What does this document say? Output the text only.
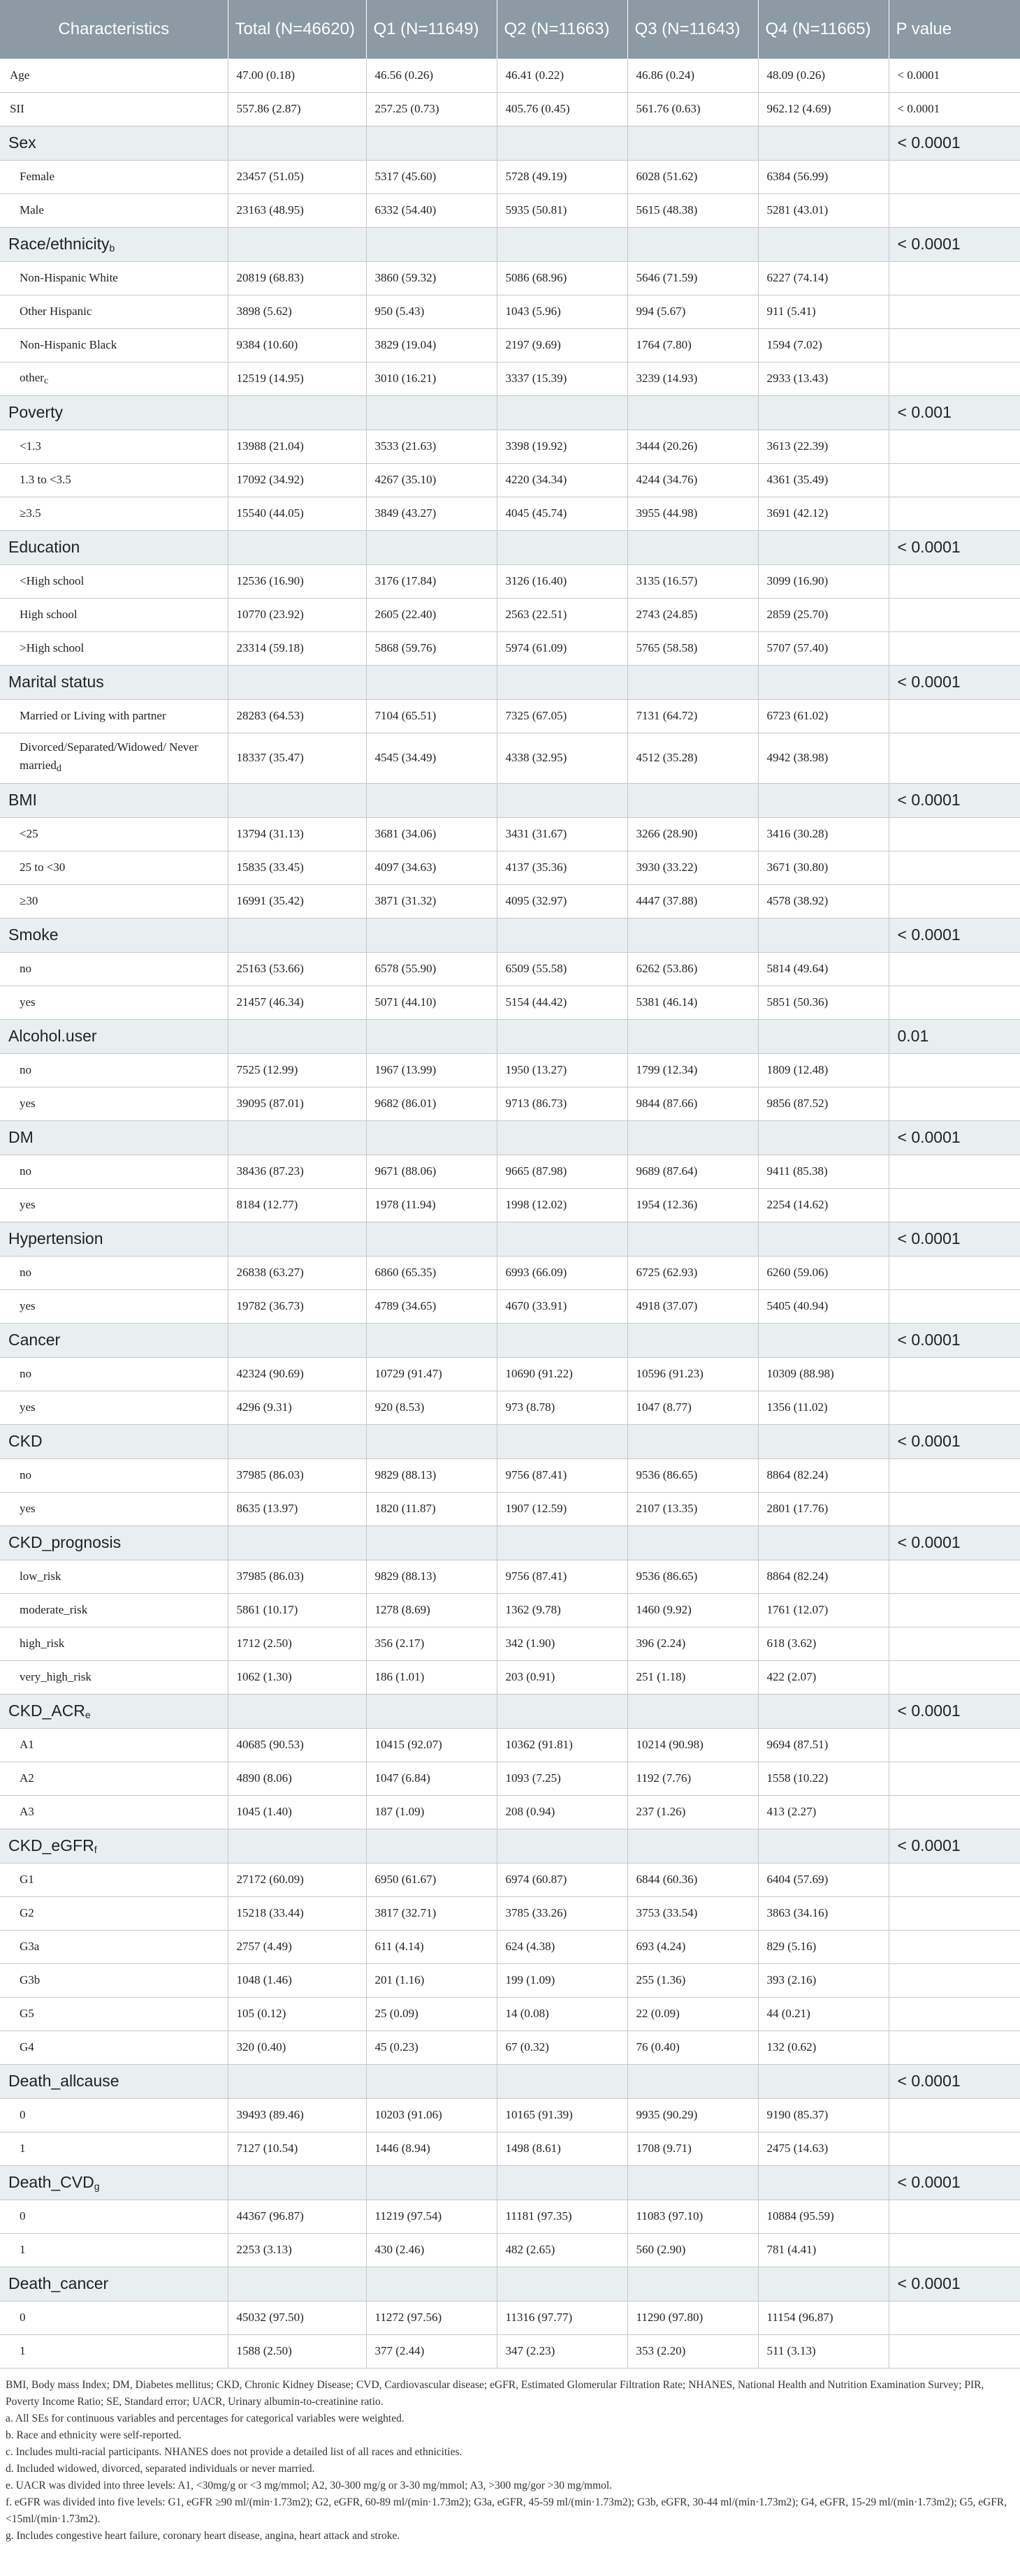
Characteristics	Total (N=46620)	Q1 (N=11649)	Q2 (N=11663)	Q3 (N=11643)	Q4 (N=11665)	P value
Age	47.00 (0.18)	46.56 (0.26)	46.41 (0.22)	46.86 (0.24)	48.09 (0.26)	< 0.0001
SII	557.86 (2.87)	257.25 (0.73)	405.76 (0.45)	561.76 (0.63)	962.12 (4.69)	< 0.0001
Sex						< 0.0001
Female	23457 (51.05)	5317 (45.60)	5728 (49.19)	6028 (51.62)	6384 (56.99)	
Male	23163 (48.95)	6332 (54.40)	5935 (50.81)	5615 (48.38)	5281 (43.01)	
Race/ethnicity$_b$						< 0.0001
Non-Hispanic White	20819 (68.83)	3860 (59.32)	5086 (68.96)	5646 (71.59)	6227 (74.14)	
Other Hispanic	3898 (5.62)	950 (5.43)	1043 (5.96)	994 (5.67)	911 (5.41)	
Non-Hispanic Black	9384 (10.60)	3829 (19.04)	2197 (9.69)	1764 (7.80)	1594 (7.02)	
other$_c$	12519 (14.95)	3010 (16.21)	3337 (15.39)	3239 (14.93)	2933 (13.43)	
Poverty						< 0.001
<1.3	13988 (21.04)	3533 (21.63)	3398 (19.92)	3444 (20.26)	3613 (22.39)	
1.3 to <3.5	17092 (34.92)	4267 (35.10)	4220 (34.34)	4244 (34.76)	4361 (35.49)	
≥3.5	15540 (44.05)	3849 (43.27)	4045 (45.74)	3955 (44.98)	3691 (42.12)	
Education						< 0.0001
<High school	12536 (16.90)	3176 (17.84)	3126 (16.40)	3135 (16.57)	3099 (16.90)	
High school	10770 (23.92)	2605 (22.40)	2563 (22.51)	2743 (24.85)	2859 (25.70)	
>High school	23314 (59.18)	5868 (59.76)	5974 (61.09)	5765 (58.58)	5707 (57.40)	
Marital status						< 0.0001
Married or Living with partner	28283 (64.53)	7104 (65.51)	7325 (67.05)	7131 (64.72)	6723 (61.02)	
Divorced/Separated/Widowed/ Never married$_d$	18337 (35.47)	4545 (34.49)	4338 (32.95)	4512 (35.28)	4942 (38.98)	
BMI						< 0.0001
<25	13794 (31.13)	3681 (34.06)	3431 (31.67)	3266 (28.90)	3416 (30.28)	
25 to <30	15835 (33.45)	4097 (34.63)	4137 (35.36)	3930 (33.22)	3671 (30.80)	
≥30	16991 (35.42)	3871 (31.32)	4095 (32.97)	4447 (37.88)	4578 (38.92)	
Smoke						< 0.0001
no	25163 (53.66)	6578 (55.90)	6509 (55.58)	6262 (53.86)	5814 (49.64)	
yes	21457 (46.34)	5071 (44.10)	5154 (44.42)	5381 (46.14)	5851 (50.36)	
Alcohol.user						0.01
no	7525 (12.99)	1967 (13.99)	1950 (13.27)	1799 (12.34)	1809 (12.48)	
yes	39095 (87.01)	9682 (86.01)	9713 (86.73)	9844 (87.66)	9856 (87.52)	
DM						< 0.0001
no	38436 (87.23)	9671 (88.06)	9665 (87.98)	9689 (87.64)	9411 (85.38)	
yes	8184 (12.77)	1978 (11.94)	1998 (12.02)	1954 (12.36)	2254 (14.62)	
Hypertension						< 0.0001
no	26838 (63.27)	6860 (65.35)	6993 (66.09)	6725 (62.93)	6260 (59.06)	
yes	19782 (36.73)	4789 (34.65)	4670 (33.91)	4918 (37.07)	5405 (40.94)	
Cancer						< 0.0001
no	42324 (90.69)	10729 (91.47)	10690 (91.22)	10596 (91.23)	10309 (88.98)	
yes	4296 (9.31)	920 (8.53)	973 (8.78)	1047 (8.77)	1356 (11.02)	
CKD						< 0.0001
no	37985 (86.03)	9829 (88.13)	9756 (87.41)	9536 (86.65)	8864 (82.24)	
yes	8635 (13.97)	1820 (11.87)	1907 (12.59)	2107 (13.35)	2801 (17.76)	
CKD_prognosis						< 0.0001
low_risk	37985 (86.03)	9829 (88.13)	9756 (87.41)	9536 (86.65)	8864 (82.24)	
moderate_risk	5861 (10.17)	1278 (8.69)	1362 (9.78)	1460 (9.92)	1761 (12.07)	
high_risk	1712 (2.50)	356 (2.17)	342 (1.90)	396 (2.24)	618 (3.62)	
very_high_risk	1062 (1.30)	186 (1.01)	203 (0.91)	251 (1.18)	422 (2.07)	
$CKD\_ACR_e$						< 0.0001
A1	40685 (90.53)	10415 (92.07)	10362 (91.81)	10214 (90.98)	9694 (87.51)	
A2	4890 (8.06)	1047 (6.84)	1093 (7.25)	1192 (7.76)	1558 (10.22)	
A3	1045 (1.40)	187 (1.09)	208 (0.94)	237 (1.26)	413 (2.27)	
CKD_eGFR$_f$						< 0.0001
G1	27172 (60.09)	6950 (61.67)	6974 (60.87)	6844 (60.36)	6404 (57.69)	
G2	15218 (33.44)	3817 (32.71)	3785 (33.26)	3753 (33.54)	3863 (34.16)	
G3a	2757 (4.49)	611 (4.14)	624 (4.38)	693 (4.24)	829 (5.16)	
G3b	1048 (1.46)	201 (1.16)	199 (1.09)	255 (1.36)	393 (2.16)	
G5	105 (0.12)	25 (0.09)	14 (0.08)	22 (0.09)	44 (0.21)	
G4	320 (0.40)	45 (0.23)	67 (0.32)	76 (0.40)	132 (0.62)	
Death_allcause						< 0.0001
0	39493 (89.46)	10203 (91.06)	10165 (91.39)	9935 (90.29)	9190 (85.37)	
1	7127 (10.54)	1446 (8.94)	1498 (8.61)	1708 (9.71)	2475 (14.63)	
$Death\_CVD_g$						< 0.0001
0	44367 (96.87)	11219 (97.54)	11181 (97.35)	11083 (97.10)	10884 (95.59)	
1	2253 (3.13)	430 (2.46)	482 (2.65)	560 (2.90)	781 (4.41)	
Death_cancer						< 0.0001
0	45032 (97.50)	11272 (97.56)	11316 (97.77)	11290 (97.80)	11154 (96.87)	
1	1588 (2.50)	377 (2.44)	347 (2.23)	353 (2.20)	511 (3.13)	

BMI, Body mass Index; DM, Diabetes mellitus; CKD, Chronic Kidney Disease; CVD, Cardiovascular disease; eGFR, Estimated Glomerular Filtration Rate; NHANES, National Health and Nutrition Examination Survey; PIR, Poverty Income Ratio; SE, Standard error; UACR, Urinary albumin-to-creatinine ratio.

a. All SEs for continuous variables and percentages for categorical variables were weighted.

b. Race and ethnicity were self-reported.

c. Includes multi-racial participants. NHANES does not provide a detailed list of all races and ethnicities.

d. Included widowed, divorced, separated individuals or never married.

e. UACR was divided into three levels: A1, <30mg/g or <3 mg/mmol; A2, 30-300 mg/g or 3-30 mg/mmol; A3, >300 mg/gor >30 mg/mmol.

f. eGFR was divided into five levels: G1, eGFR ≥90 ml/(min·1.73m2); G2, eGFR, 60-89 ml/(min·1.73m2); G3a, eGFR, 45-59 ml/(min·1.73m2); G3b, eGFR, 30-44 ml/(min·1.73m2); G4, eGFR, 15-29 ml/(min·1.73m2); G5, eGFR, <15ml/(min·1.73m2).

g. Includes congestive heart failure, coronary heart disease, angina, heart attack and stroke.
